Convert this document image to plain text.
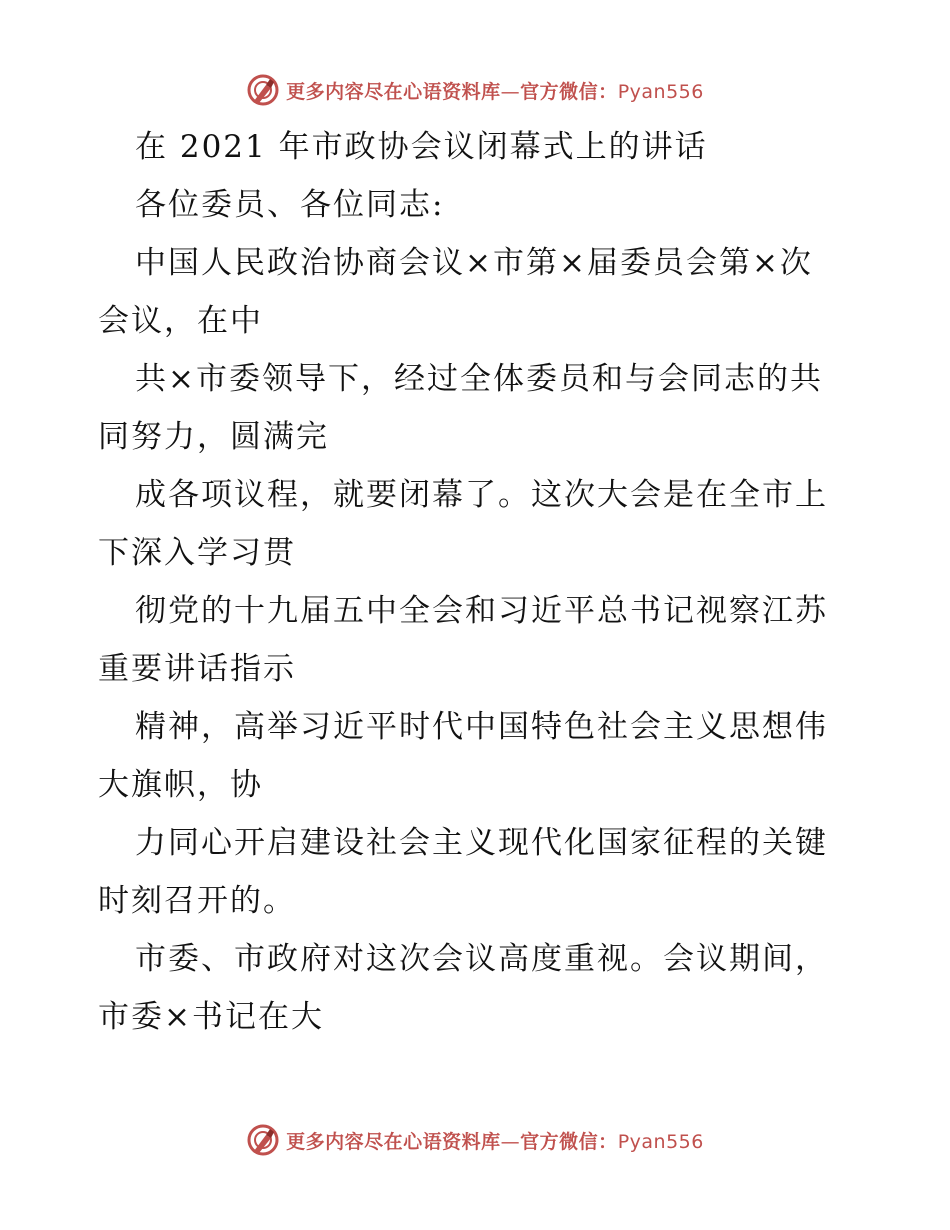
更多内容尽在心语资料库—官方微信：Pyan556
在 2021 年市政协会议闭幕式上的讲话
各位委员、各位同志:
中国人民政治协商会议×市第×届委员会第×次
会议，在中
共×市委领导下，经过全体委员和与会同志的共
同努力，圆满完
成各项议程，就要闭幕了。这次大会是在全市上
下深入学习贯
彻党的十九届五中全会和习近平总书记视察江苏
重要讲话指示
精神，高举习近平时代中国特色社会主义思想伟
大旗帜，协
力同心开启建设社会主义现代化国家征程的关键
时刻召开的。
市委、市政府对这次会议高度重视。会议期间，
市委×书记在大
更多内容尽在心语资料库—官方微信：Pyan556
